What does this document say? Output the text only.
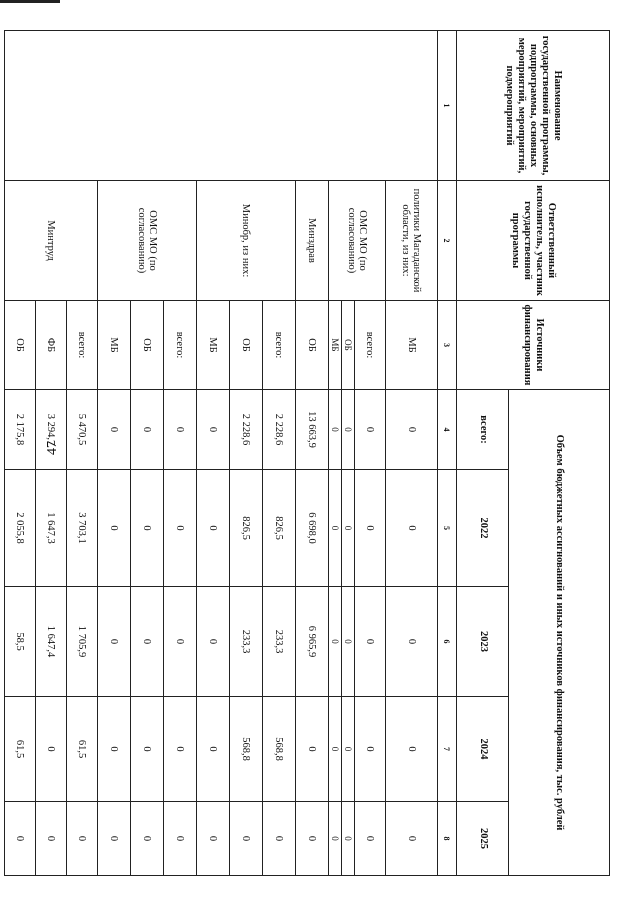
47
Наименование государственной программы, подпрограммы, основных мероприятий, мероприятий, подмероприятий	Ответственный исполнитель, участник государственной программы	Источники финансирования	Объем бюджетных ассигнований и иных источников финансирования, тыс. рублей				
			всего:	2022	2023	2024	2025
1	2	3	4	5	6	7	8
	политики Магаданской области, из них:	МБ	0	0	0	0	0
	ОМС МО (по согласованию)	всего:	0	0	0	0	0
		ОБ	0	0	0	0	0
		МБ	0	0	0	0	0
	Минздрав	ОБ	13 663,9	6 698,0	6 965,9	0	0
	Минобр, из них:	всего:	2 228,6	826,5	233,3	568,8	0
		ОБ	2 228,6	826,5	233,3	568,8	0
		МБ	0	0	0	0	0
	ОМС МО (по согласованию)	всего:	0	0	0	0	0
		ОБ	0	0	0	0	0
		МБ	0	0	0	0	0
	Минтруд	всего:	5 470,5	3 703,1	1 705,9	61,5	0
		ФБ	3 294,7	1 647,3	1 647,4	0	0
		ОБ	2 175,8	2 055,8	58,5	61,5	0
